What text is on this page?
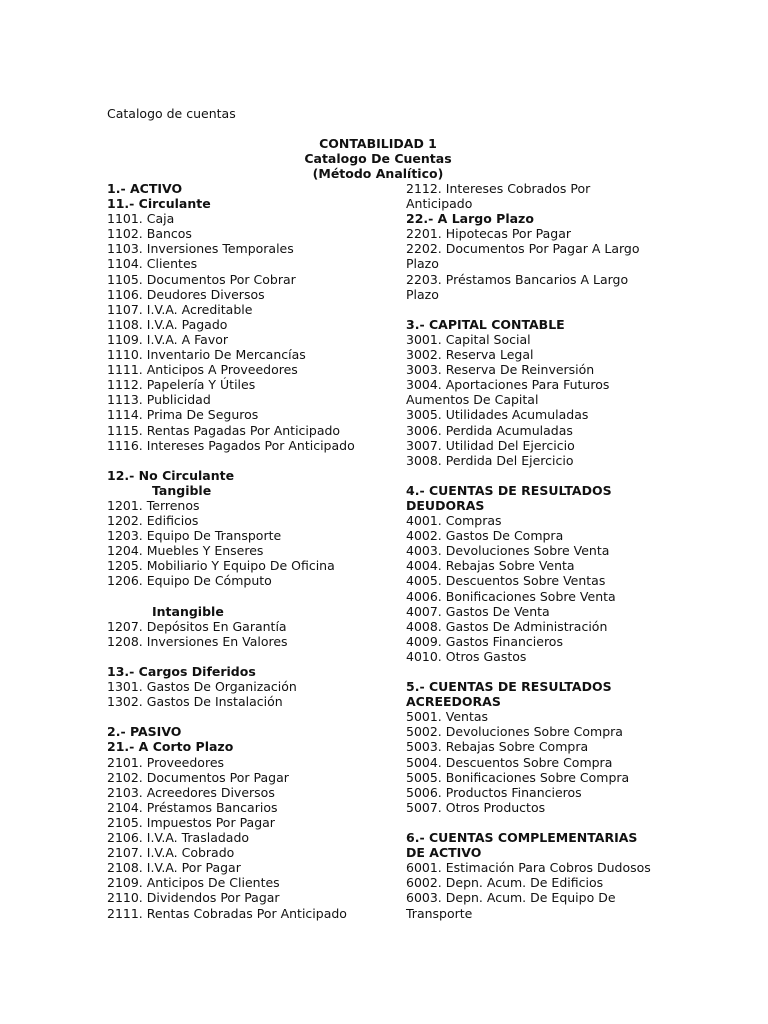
Catalogo de cuentas
CONTABILIDAD 1
Catalogo De Cuentas
(Método Analítico)
1.- ACTIVO
11.- Circulante
1101. Caja
1102. Bancos
1103. Inversiones Temporales
1104. Clientes
1105. Documentos Por Cobrar
1106. Deudores Diversos
1107. I.V.A. Acreditable
1108. I.V.A. Pagado
1109. I.V.A. A Favor
1110. Inventario De Mercancías
1111. Anticipos A Proveedores
1112. Papelería Y Útiles
1113. Publicidad
1114. Prima De Seguros
1115. Rentas Pagadas Por Anticipado
1116. Intereses Pagados Por Anticipado
12.- No Circulante
Tangible
1201. Terrenos
1202. Edificios
1203. Equipo De Transporte
1204. Muebles Y Enseres
1205. Mobiliario Y Equipo De Oficina
1206. Equipo De Cómputo
Intangible
1207. Depósitos En Garantía
1208. Inversiones En Valores
13.- Cargos Diferidos
1301. Gastos De Organización
1302. Gastos De Instalación
2.- PASIVO
21.- A Corto Plazo
2101. Proveedores
2102. Documentos Por Pagar
2103. Acreedores Diversos
2104. Préstamos Bancarios
2105. Impuestos Por Pagar
2106. I.V.A. Trasladado
2107. I.V.A. Cobrado
2108. I.V.A. Por Pagar
2109. Anticipos De Clientes
2110. Dividendos Por Pagar
2111. Rentas Cobradas Por Anticipado
2112. Intereses Cobrados Por
Anticipado
22.- A Largo Plazo
2201. Hipotecas Por Pagar
2202. Documentos Por Pagar A Largo
Plazo
2203. Préstamos Bancarios A Largo
Plazo
3.- CAPITAL CONTABLE
3001. Capital Social
3002. Reserva Legal
3003. Reserva De Reinversión
3004. Aportaciones Para Futuros
Aumentos De Capital
3005. Utilidades Acumuladas
3006. Perdida Acumuladas
3007. Utilidad Del Ejercicio
3008. Perdida Del Ejercicio
4.- CUENTAS DE RESULTADOS
DEUDORAS
4001. Compras
4002. Gastos De Compra
4003. Devoluciones Sobre Venta
4004. Rebajas Sobre Venta
4005. Descuentos Sobre Ventas
4006. Bonificaciones Sobre Venta
4007. Gastos De Venta
4008. Gastos De Administración
4009. Gastos Financieros
4010. Otros Gastos
5.- CUENTAS DE RESULTADOS
ACREEDORAS
5001. Ventas
5002. Devoluciones Sobre Compra
5003. Rebajas Sobre Compra
5004. Descuentos Sobre Compra
5005. Bonificaciones Sobre Compra
5006. Productos Financieros
5007. Otros Productos
6.- CUENTAS COMPLEMENTARIAS
DE ACTIVO
6001. Estimación Para Cobros Dudosos
6002. Depn. Acum. De Edificios
6003. Depn. Acum. De Equipo De
Transporte
